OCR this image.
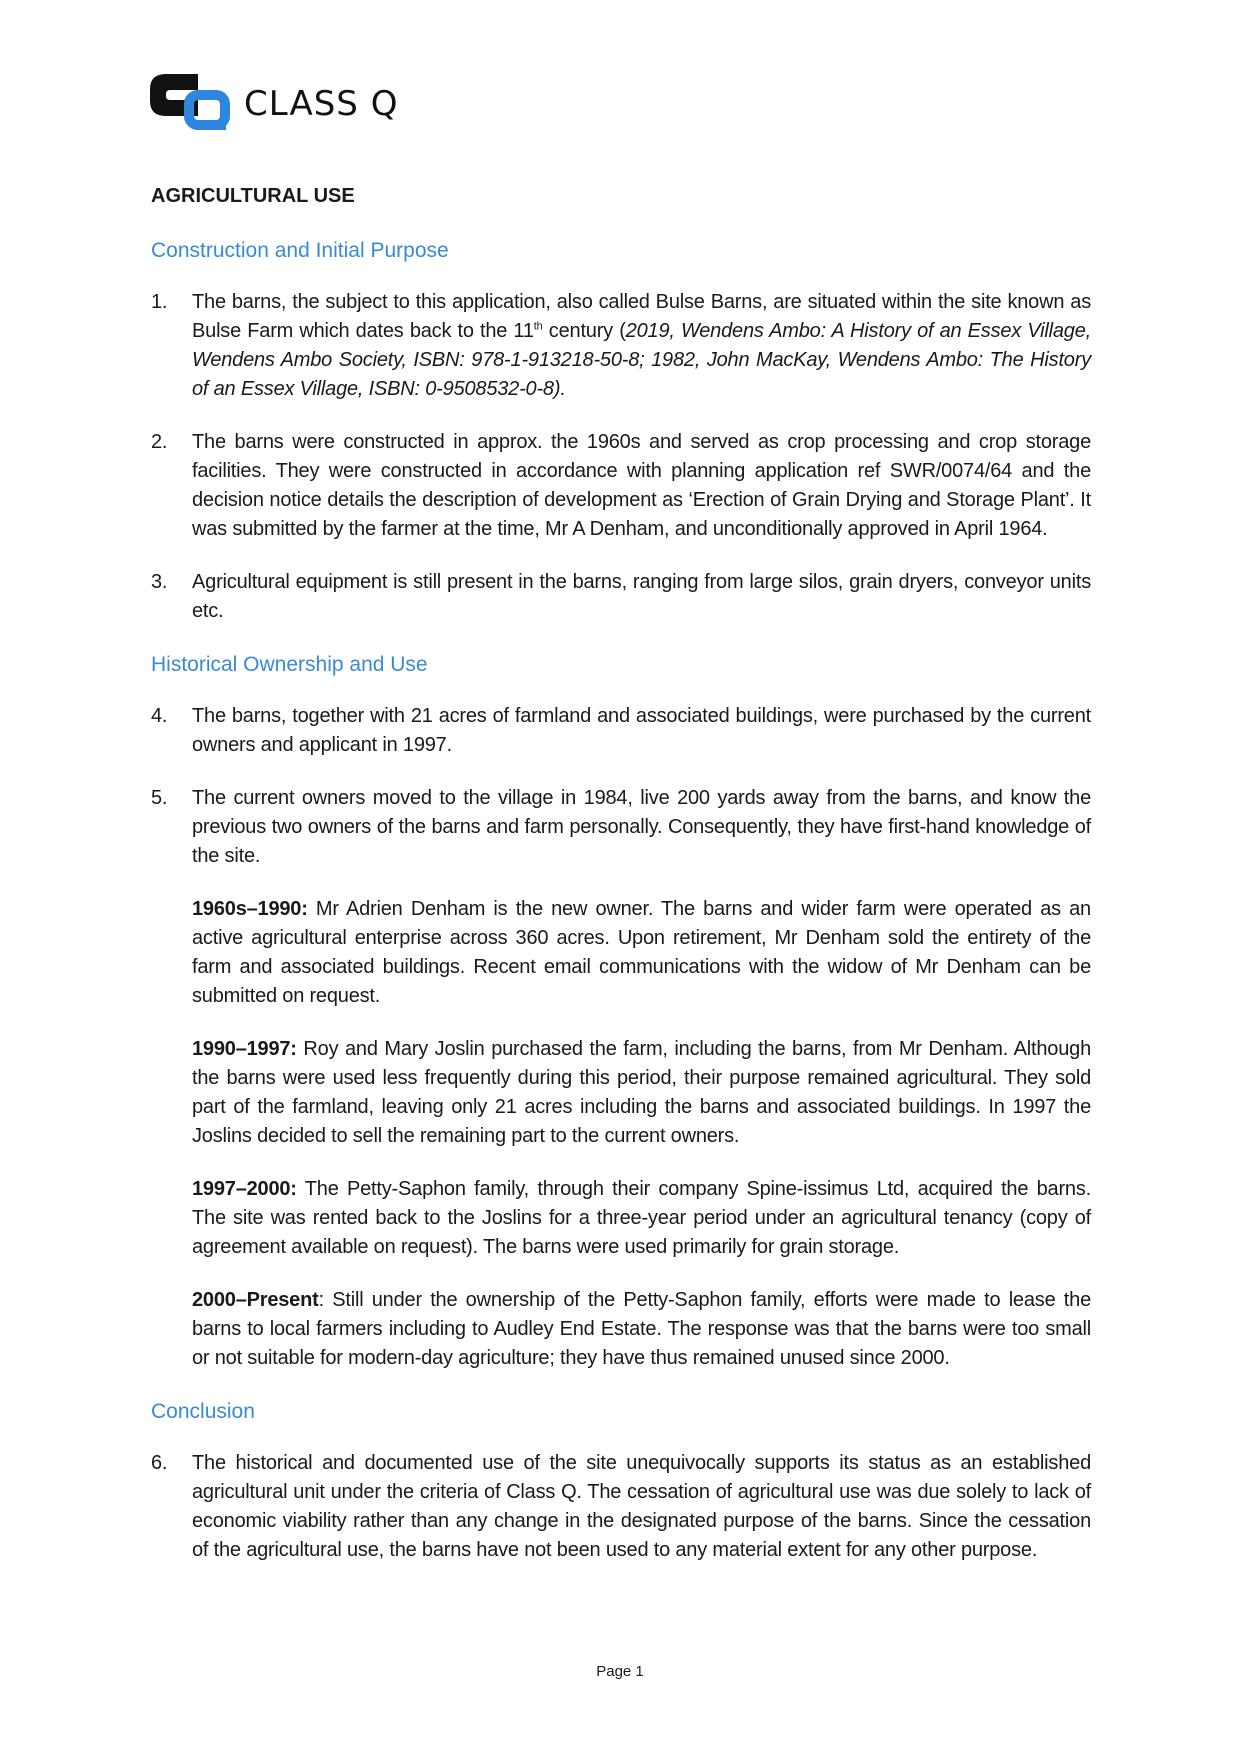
CLASS Q
AGRICULTURAL USE
Construction and Initial Purpose
1.	The barns, the subject to this application, also called Bulse Barns, are situated within the site known as Bulse Farm which dates back to the 11th century (2019, Wendens Ambo: A History of an Essex Village, Wendens Ambo Society, ISBN: 978-1-913218-50-8; 1982, John MacKay, Wendens Ambo: The History of an Essex Village, ISBN: 0-9508532-0-8).
2.	The barns were constructed in approx. the 1960s and served as crop processing and crop storage facilities. They were constructed in accordance with planning application ref SWR/0074/64 and the decision notice details the description of development as ‘Erection of Grain Drying and Storage Plant’. It was submitted by the farmer at the time, Mr A Denham, and unconditionally approved in April 1964.
3.	Agricultural equipment is still present in the barns, ranging from large silos, grain dryers, conveyor units etc.
Historical Ownership and Use
4.	The barns, together with 21 acres of farmland and associated buildings, were purchased by the current owners and applicant in 1997.
5.	The current owners moved to the village in 1984, live 200 yards away from the barns, and know the previous two owners of the barns and farm personally. Consequently, they have first-hand knowledge of the site.
1960s–1990: Mr Adrien Denham is the new owner. The barns and wider farm were operated as an active agricultural enterprise across 360 acres. Upon retirement, Mr Denham sold the entirety of the farm and associated buildings. Recent email communications with the widow of Mr Denham can be submitted on request.
1990–1997: Roy and Mary Joslin purchased the farm, including the barns, from Mr Denham. Although the barns were used less frequently during this period, their purpose remained agricultural. They sold part of the farmland, leaving only 21 acres including the barns and associated buildings. In 1997 the Joslins decided to sell the remaining part to the current owners.
1997–2000: The Petty-Saphon family, through their company Spine-issimus Ltd, acquired the barns. The site was rented back to the Joslins for a three-year period under an agricultural tenancy (copy of agreement available on request). The barns were used primarily for grain storage.
2000–Present: Still under the ownership of the Petty-Saphon family, efforts were made to lease the barns to local farmers including to Audley End Estate. The response was that the barns were too small or not suitable for modern-day agriculture; they have thus remained unused since 2000.
Conclusion
6.	The historical and documented use of the site unequivocally supports its status as an established agricultural unit under the criteria of Class Q. The cessation of agricultural use was due solely to lack of economic viability rather than any change in the designated purpose of the barns. Since the cessation of the agricultural use, the barns have not been used to any material extent for any other purpose.
Page 1
